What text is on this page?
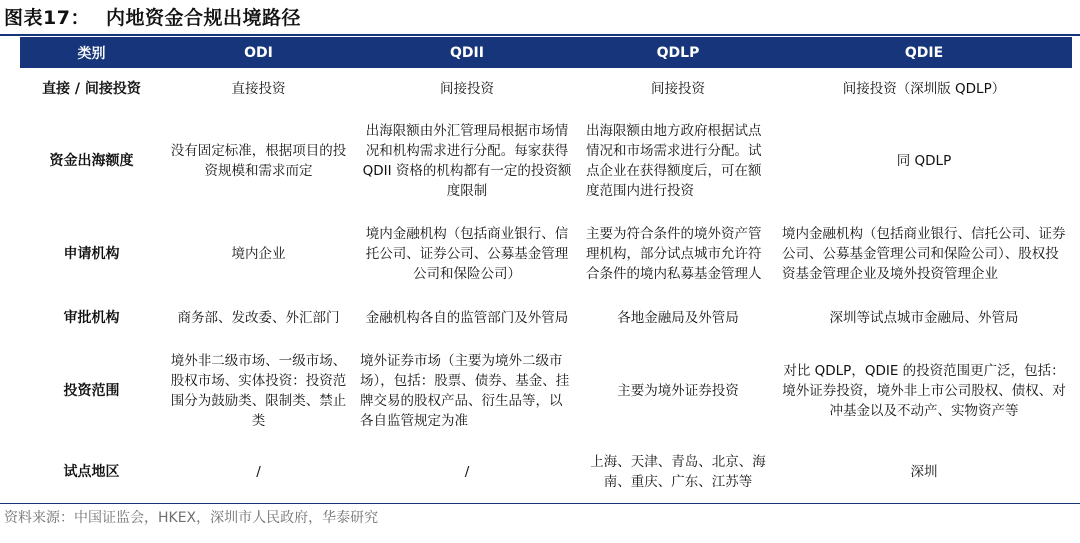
图表17： 内地资金合规出境路径
类别	ODI	QDII	QDLP	QDIE
直接 / 间接投资	直接投资	间接投资	间接投资	间接投资（深圳版 QDLP）
资金出海额度	没有固定标准，根据项目的投资规模和需求而定	出海限额由外汇管理局根据市场情况和机构需求进行分配。每家获得 QDII 资格的机构都有一定的投资额度限制	出海限额由地方政府根据试点情况和市场需求进行分配。试点企业在获得额度后，可在额度范围内进行投资	同 QDLP
申请机构	境内企业	境内金融机构（包括商业银行、信托公司、证券公司、公募基金管理公司和保险公司）	主要为符合条件的境外资产管理机构，部分试点城市允许符合条件的境内私募基金管理人	境内金融机构（包括商业银行、信托公司、证券公司、公募基金管理公司和保险公司）、股权投资基金管理企业及境外投资管理企业
审批机构	商务部、发改委、外汇部门	金融机构各自的监管部门及外管局	各地金融局及外管局	深圳等试点城市金融局、外管局
投资范围	境外非二级市场、一级市场、股权市场、实体投资：投资范围分为鼓励类、限制类、禁止类	境外证券市场（主要为境外二级市场），包括：股票、债券、基金、挂牌交易的股权产品、衍生品等，以各自监管规定为准	主要为境外证券投资	对比 QDLP，QDIE 的投资范围更广泛，包括：境外证券投资，境外非上市公司股权、债权、对冲基金以及不动产、实物资产等
试点地区	/	/	上海、天津、青岛、北京、海南、重庆、广东、江苏等	深圳
资料来源：中国证监会，HKEX，深圳市人民政府，华泰研究
